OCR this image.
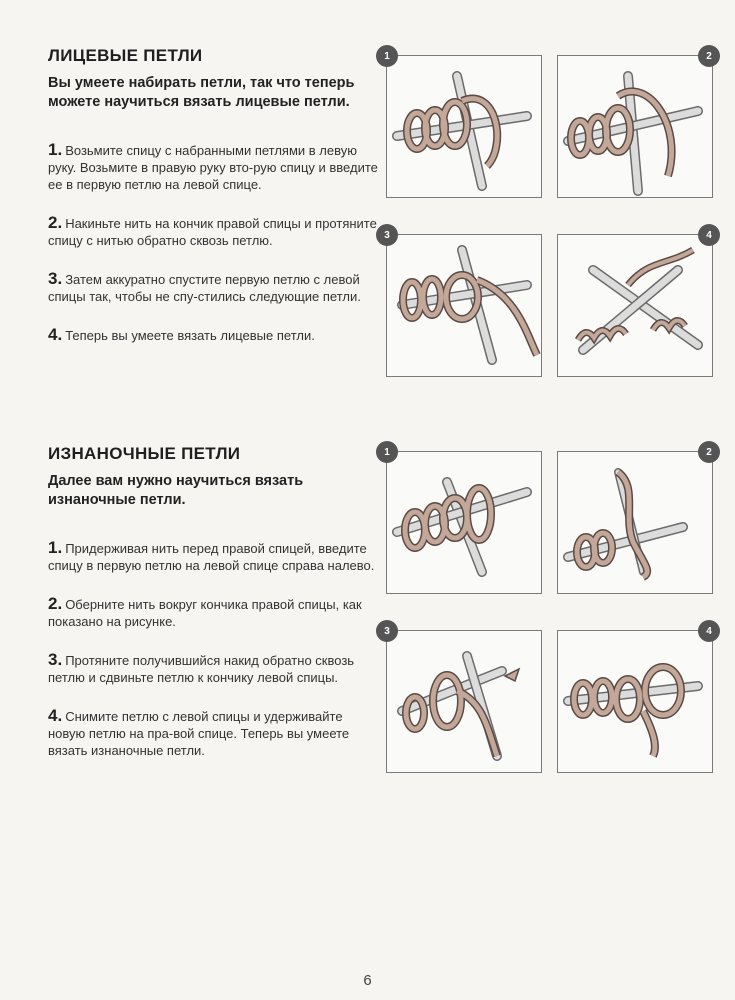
ЛИЦЕВЫЕ ПЕТЛИ
Вы умеете набирать петли, так что теперь можете научиться вязать лицевые петли.
1. Возьмите спицу с набранными петлями в левую руку. Возьмите в правую руку вто-рую спицу и введите ее в первую петлю на левой спице.
2. Накиньте нить на кончик правой спицы и протяните спицу с нитью обратно сквозь петлю.
3. Затем аккуратно спустите первую петлю с левой спицы так, чтобы не спу-стились следующие петли.
4. Теперь вы умеете вязать лицевые петли.
ИЗНАНОЧНЫЕ ПЕТЛИ
Далее вам нужно научиться вязать изнаночные петли.
1. Придерживая нить перед правой спицей, введите спицу в первую петлю на левой спице справа налево.
2. Оберните нить вокруг кончика правой спицы, как показано на рисунке.
3. Протяните получившийся накид обратно сквозь петлю и сдвиньте петлю к кончику левой спицы.
4. Снимите петлю с левой спицы и удерживайте новую петлю на пра-вой спице. Теперь вы умеете вязать изнаночные петли.
1	2
3	4
1	2
3	4
6
